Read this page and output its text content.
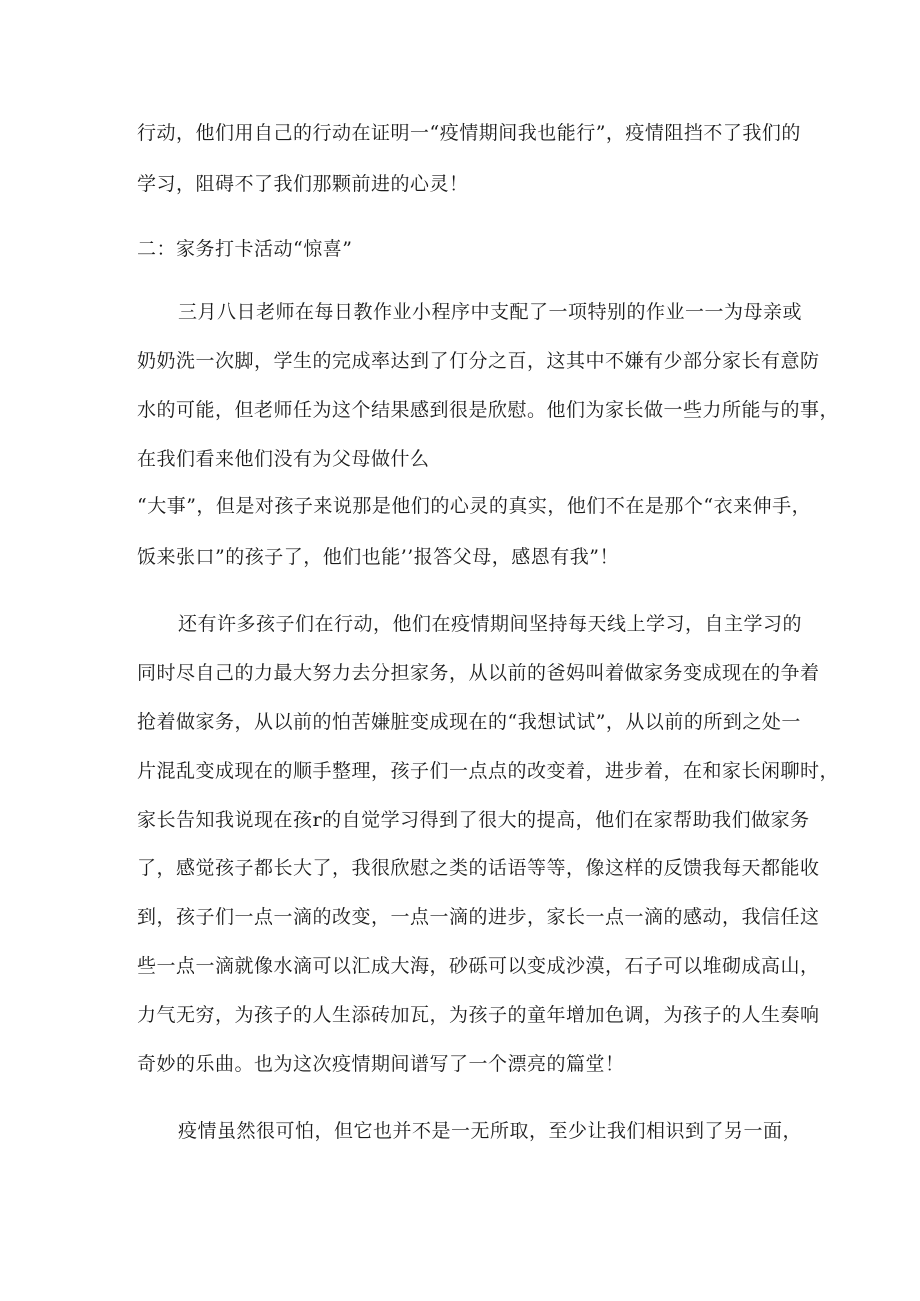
行动，他们用自己的行动在证明一“疫情期间我也能行”，疫情阻挡不了我们的
学习，阻碍不了我们那颗前进的心灵！
二：家务打卡活动“惊喜”
三月八日老师在每日教作业小程序中支配了一项特别的作业一一为母亲或
奶奶洗一次脚，学生的完成率达到了仃分之百，这其中不嫌有少部分家长有意防
水的可能，但老师任为这个结果感到很是欣慰。他们为家长做一些力所能与的事，
在我们看来他们没有为父母做什么
“大事”，但是对孩子来说那是他们的心灵的真实，他们不在是那个“衣来伸手，
饭来张口”的孩子了，他们也能’’报答父母，感恩有我”！
还有许多孩子们在行动，他们在疫情期间坚持每天线上学习，自主学习的
同时尽自己的力最大努力去分担家务，从以前的爸妈叫着做家务变成现在的争着
抢着做家务，从以前的怕苦嫌脏变成现在的“我想试试”，从以前的所到之处一
片混乱变成现在的顺手整理，孩子们一点点的改变着，进步着，在和家长闲聊时，
家长告知我说现在孩r的自觉学习得到了很大的提高，他们在家帮助我们做家务
了，感觉孩子都长大了，我很欣慰之类的话语等等，像这样的反馈我每天都能收
到，孩子们一点一滴的改变，一点一滴的进步，家长一点一滴的感动，我信任这
些一点一滴就像水滴可以汇成大海，砂砾可以变成沙漠，石子可以堆砌成高山，
力气无穷，为孩子的人生添砖加瓦，为孩子的童年增加色调，为孩子的人生奏响
奇妙的乐曲。也为这次疫情期间谱写了一个漂亮的篇堂！
疫情虽然很可怕，但它也并不是一无所取，至少让我们相识到了另一面，
